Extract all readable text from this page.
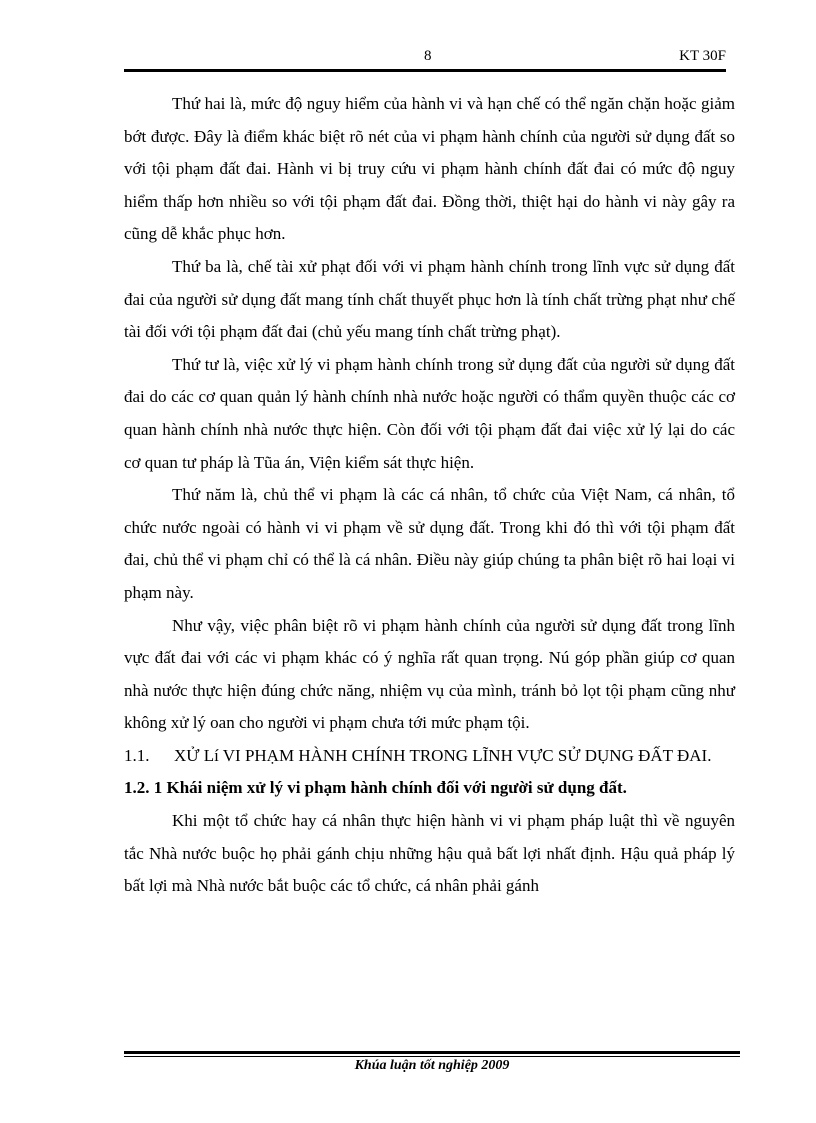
8	KT 30F

Thứ hai là, mức độ nguy hiểm của hành vi và hạn chế có thể ngăn chặn hoặc giảm bớt được. Đây là điểm khác biệt rõ nét của vi phạm hành chính của người sử dụng đất so với tội phạm đất đai. Hành vi bị truy cứu vi phạm hành chính đất đai có mức độ nguy hiểm thấp hơn nhiều so với tội phạm đất đai. Đồng thời, thiệt hại do hành vi này gây ra cũng dễ khắc phục hơn.

Thứ ba là, chế tài xử phạt đối với vi phạm hành chính trong lĩnh vực sử dụng đất đai của người sử dụng đất mang tính chất thuyết phục hơn là tính chất trừng phạt như chế tài đối với tội phạm đất đai (chủ yếu mang tính chất trừng phạt).

Thứ tư là, việc xử lý vi phạm hành chính trong sử dụng đất của người sử dụng đất đai do các cơ quan quản lý hành chính nhà nước hoặc người có thẩm quyền thuộc các cơ quan hành chính nhà nước thực hiện. Còn đối với tội phạm đất đai việc xử lý lại do các cơ quan tư pháp là Tũa án, Viện kiểm sát thực hiện.

Thứ năm là, chủ thể vi phạm là các cá nhân, tổ chức của Việt Nam, cá nhân, tổ chức nước ngoài có hành vi vi phạm về sử dụng đất. Trong khi đó thì với tội phạm đất đai, chủ thể vi phạm chỉ có thể là cá nhân. Điều này giúp chúng ta phân biệt rõ hai loại vi phạm này.

Như vậy, việc phân biệt rõ vi phạm hành chính của người sử dụng đất trong lĩnh vực đất đai với các vi phạm khác có ý nghĩa rất quan trọng. Nú góp phần giúp cơ quan nhà nước thực hiện đúng chức năng, nhiệm vụ của mình, tránh bỏ lọt tội phạm cũng như không xử lý oan cho người vi phạm chưa tới mức phạm tội.

1.1.	XỬ Lí VI PHẠM HÀNH CHÍNH TRONG LĨNH VỰC SỬ DỤNG ĐẤT ĐAI.

1.2. 1 Khái niệm xử lý vi phạm hành chính đối với người sử dụng đất.

Khi một tổ chức hay cá nhân thực hiện hành vi vi phạm pháp luật thì về nguyên tắc Nhà nước buộc họ phải gánh chịu những hậu quả bất lợi nhất định. Hậu quả pháp lý bất lợi mà Nhà nước bắt buộc các tổ chức, cá nhân phải gánh

Khúa luận tốt nghiệp 2009
